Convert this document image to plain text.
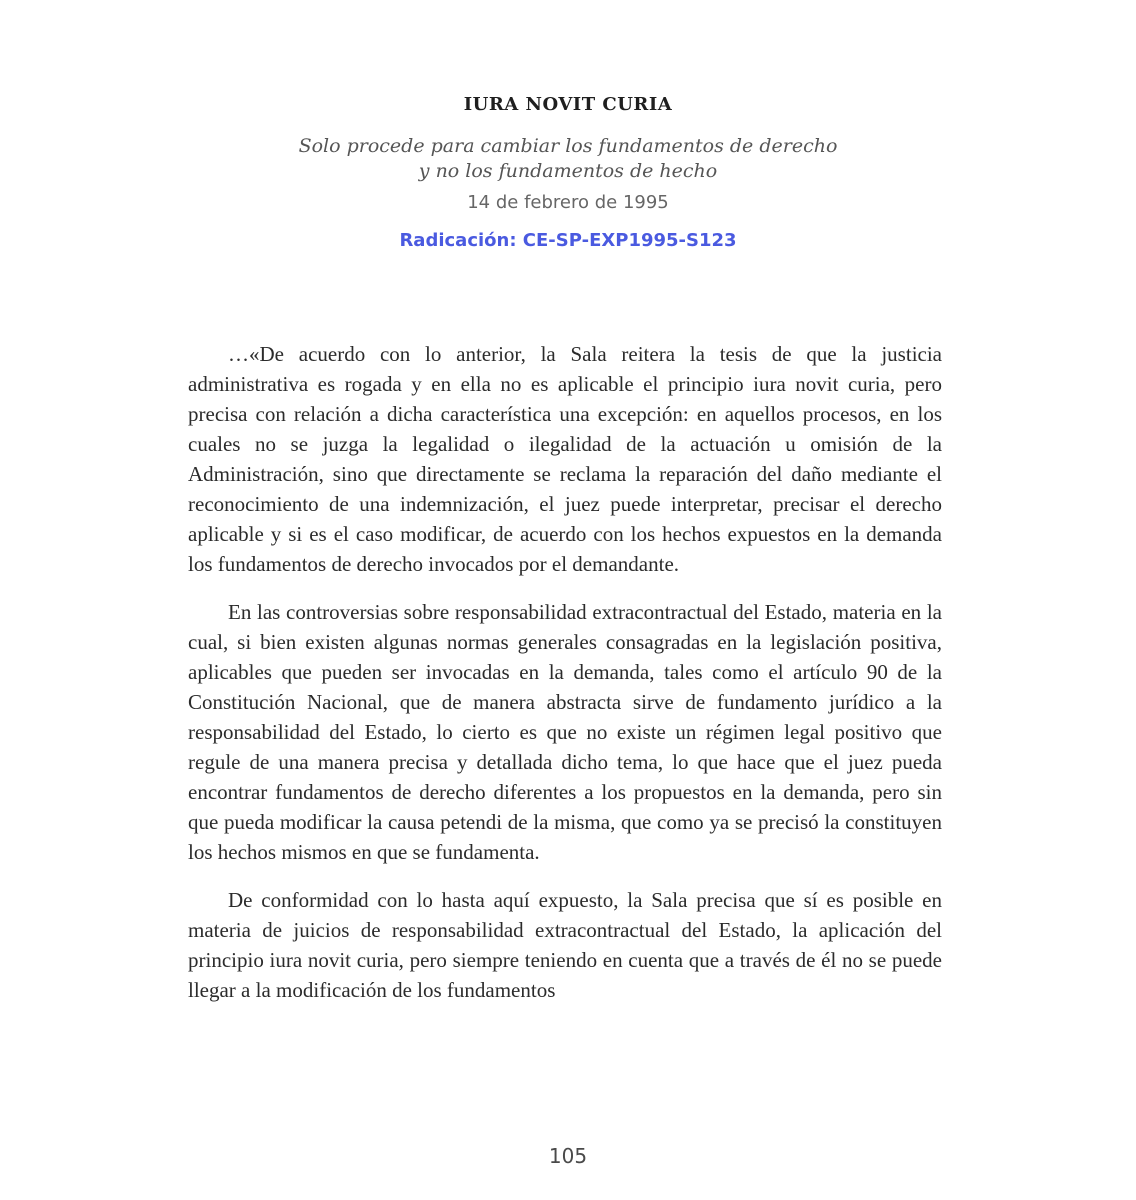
IURA NOVIT CURIA
Solo procede para cambiar los fundamentos de derecho
y no los fundamentos de hecho
14 de febrero de 1995
Radicación: CE-SP-EXP1995-S123

…«De acuerdo con lo anterior, la Sala reitera la tesis de que la justicia administrativa es rogada y en ella no es aplicable el principio iura novit curia, pero precisa con relación a dicha característica una excepción: en aquellos procesos, en los cuales no se juzga la legalidad o ilegalidad de la actuación u omisión de la Administración, sino que directamente se reclama la reparación del daño mediante el reconocimiento de una indemnización, el juez puede interpretar, precisar el derecho aplicable y si es el caso modificar, de acuerdo con los hechos expuestos en la demanda los fundamentos de derecho invocados por el demandante.

En las controversias sobre responsabilidad extracontractual del Estado, materia en la cual, si bien existen algunas normas generales consagradas en la legislación positiva, aplicables que pueden ser invocadas en la demanda, tales como el artículo 90 de la Constitución Nacional, que de manera abstracta sirve de fundamento jurídico a la responsabilidad del Estado, lo cierto es que no existe un régimen legal positivo que regule de una manera precisa y detallada dicho tema, lo que hace que el juez pueda encontrar fundamentos de derecho diferentes a los propuestos en la demanda, pero sin que pueda modificar la causa petendi de la misma, que como ya se precisó la constituyen los hechos mismos en que se fundamenta.

De conformidad con lo hasta aquí expuesto, la Sala precisa que sí es posible en materia de juicios de responsabilidad extracontractual del Estado, la aplicación del principio iura novit curia, pero siempre teniendo en cuenta que a través de él no se puede llegar a la modificación de los fundamentos

105
